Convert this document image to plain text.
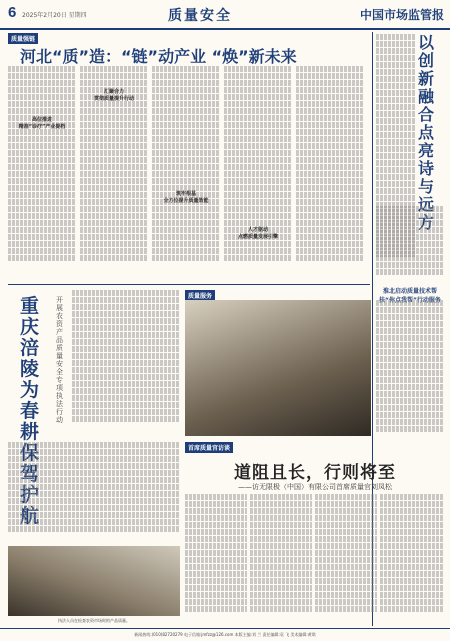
6 2025年2月20日 星期四	质量安全	中国市场监管报
质量强链
河北“质”造：“链”动产业 “焕”新未来

高位推进
精准“诊疗”产业提档

汇聚合力
贯彻质量提升行动

筑牢根基
全方位提升质量效能

人才驱动
点燃质量发展引擎

以创新融合点亮诗与远方

淮北启动质量技术帮扶“你点我帮”行动服务

重庆涪陵为春耕保驾护航
开展农资产品质量安全专项执法行动

执法人员在检查农资市场时的产品质量。
质量服务
首席质量官访谈
道阻且长，行则将至
——访无限极（中国）有限公司首席质量官刘凤松

新闻热线:(010)82720279 电子信箱:jmfzz@126.com 本版主编:刘 兰 责任编辑:袁 飞 美术编辑:黄琪
